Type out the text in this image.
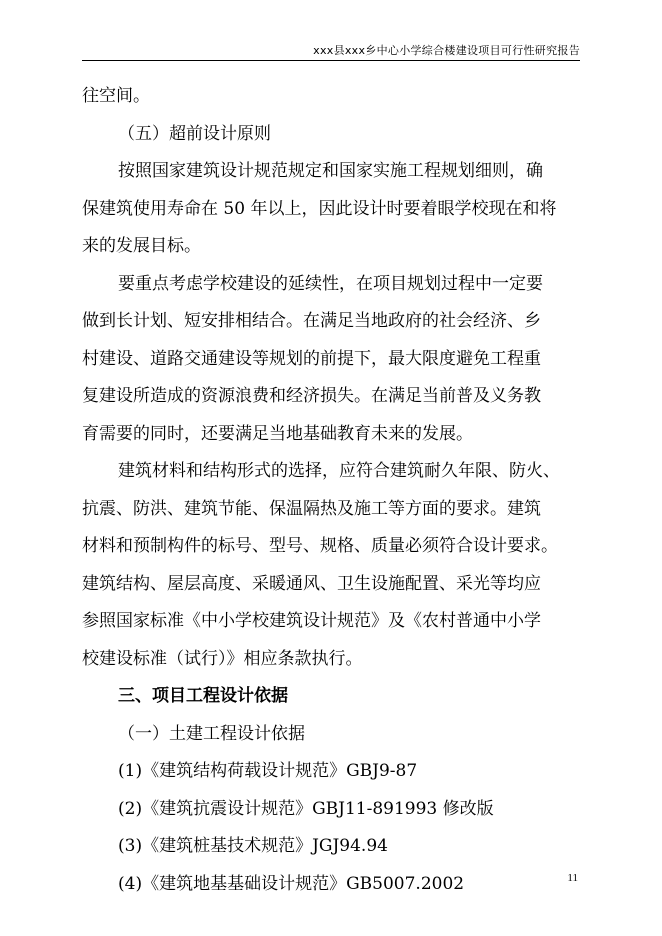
xxx县xxx乡中心小学综合楼建设项目可行性研究报告
往空间。
（五）超前设计原则
按照国家建筑设计规范规定和国家实施工程规划细则，确
保建筑使用寿命在 50 年以上，因此设计时要着眼学校现在和将
来的发展目标。
要重点考虑学校建设的延续性，在项目规划过程中一定要
做到长计划、短安排相结合。在满足当地政府的社会经济、乡
村建设、道路交通建设等规划的前提下，最大限度避免工程重
复建设所造成的资源浪费和经济损失。在满足当前普及义务教
育需要的同时，还要满足当地基础教育未来的发展。
建筑材料和结构形式的选择，应符合建筑耐久年限、防火、
抗震、防洪、建筑节能、保温隔热及施工等方面的要求。建筑
材料和预制构件的标号、型号、规格、质量必须符合设计要求。
建筑结构、屋层高度、采暖通风、卫生设施配置、采光等均应
参照国家标准《中小学校建筑设计规范》及《农村普通中小学
校建设标准（试行）》相应条款执行。
三、项目工程设计依据
（一）土建工程设计依据
(1)《建筑结构荷载设计规范》GBJ9-87
(2)《建筑抗震设计规范》GBJ11-891993 修改版
(3)《建筑桩基技术规范》JGJ94.94
(4)《建筑地基基础设计规范》GB5007.2002	11
